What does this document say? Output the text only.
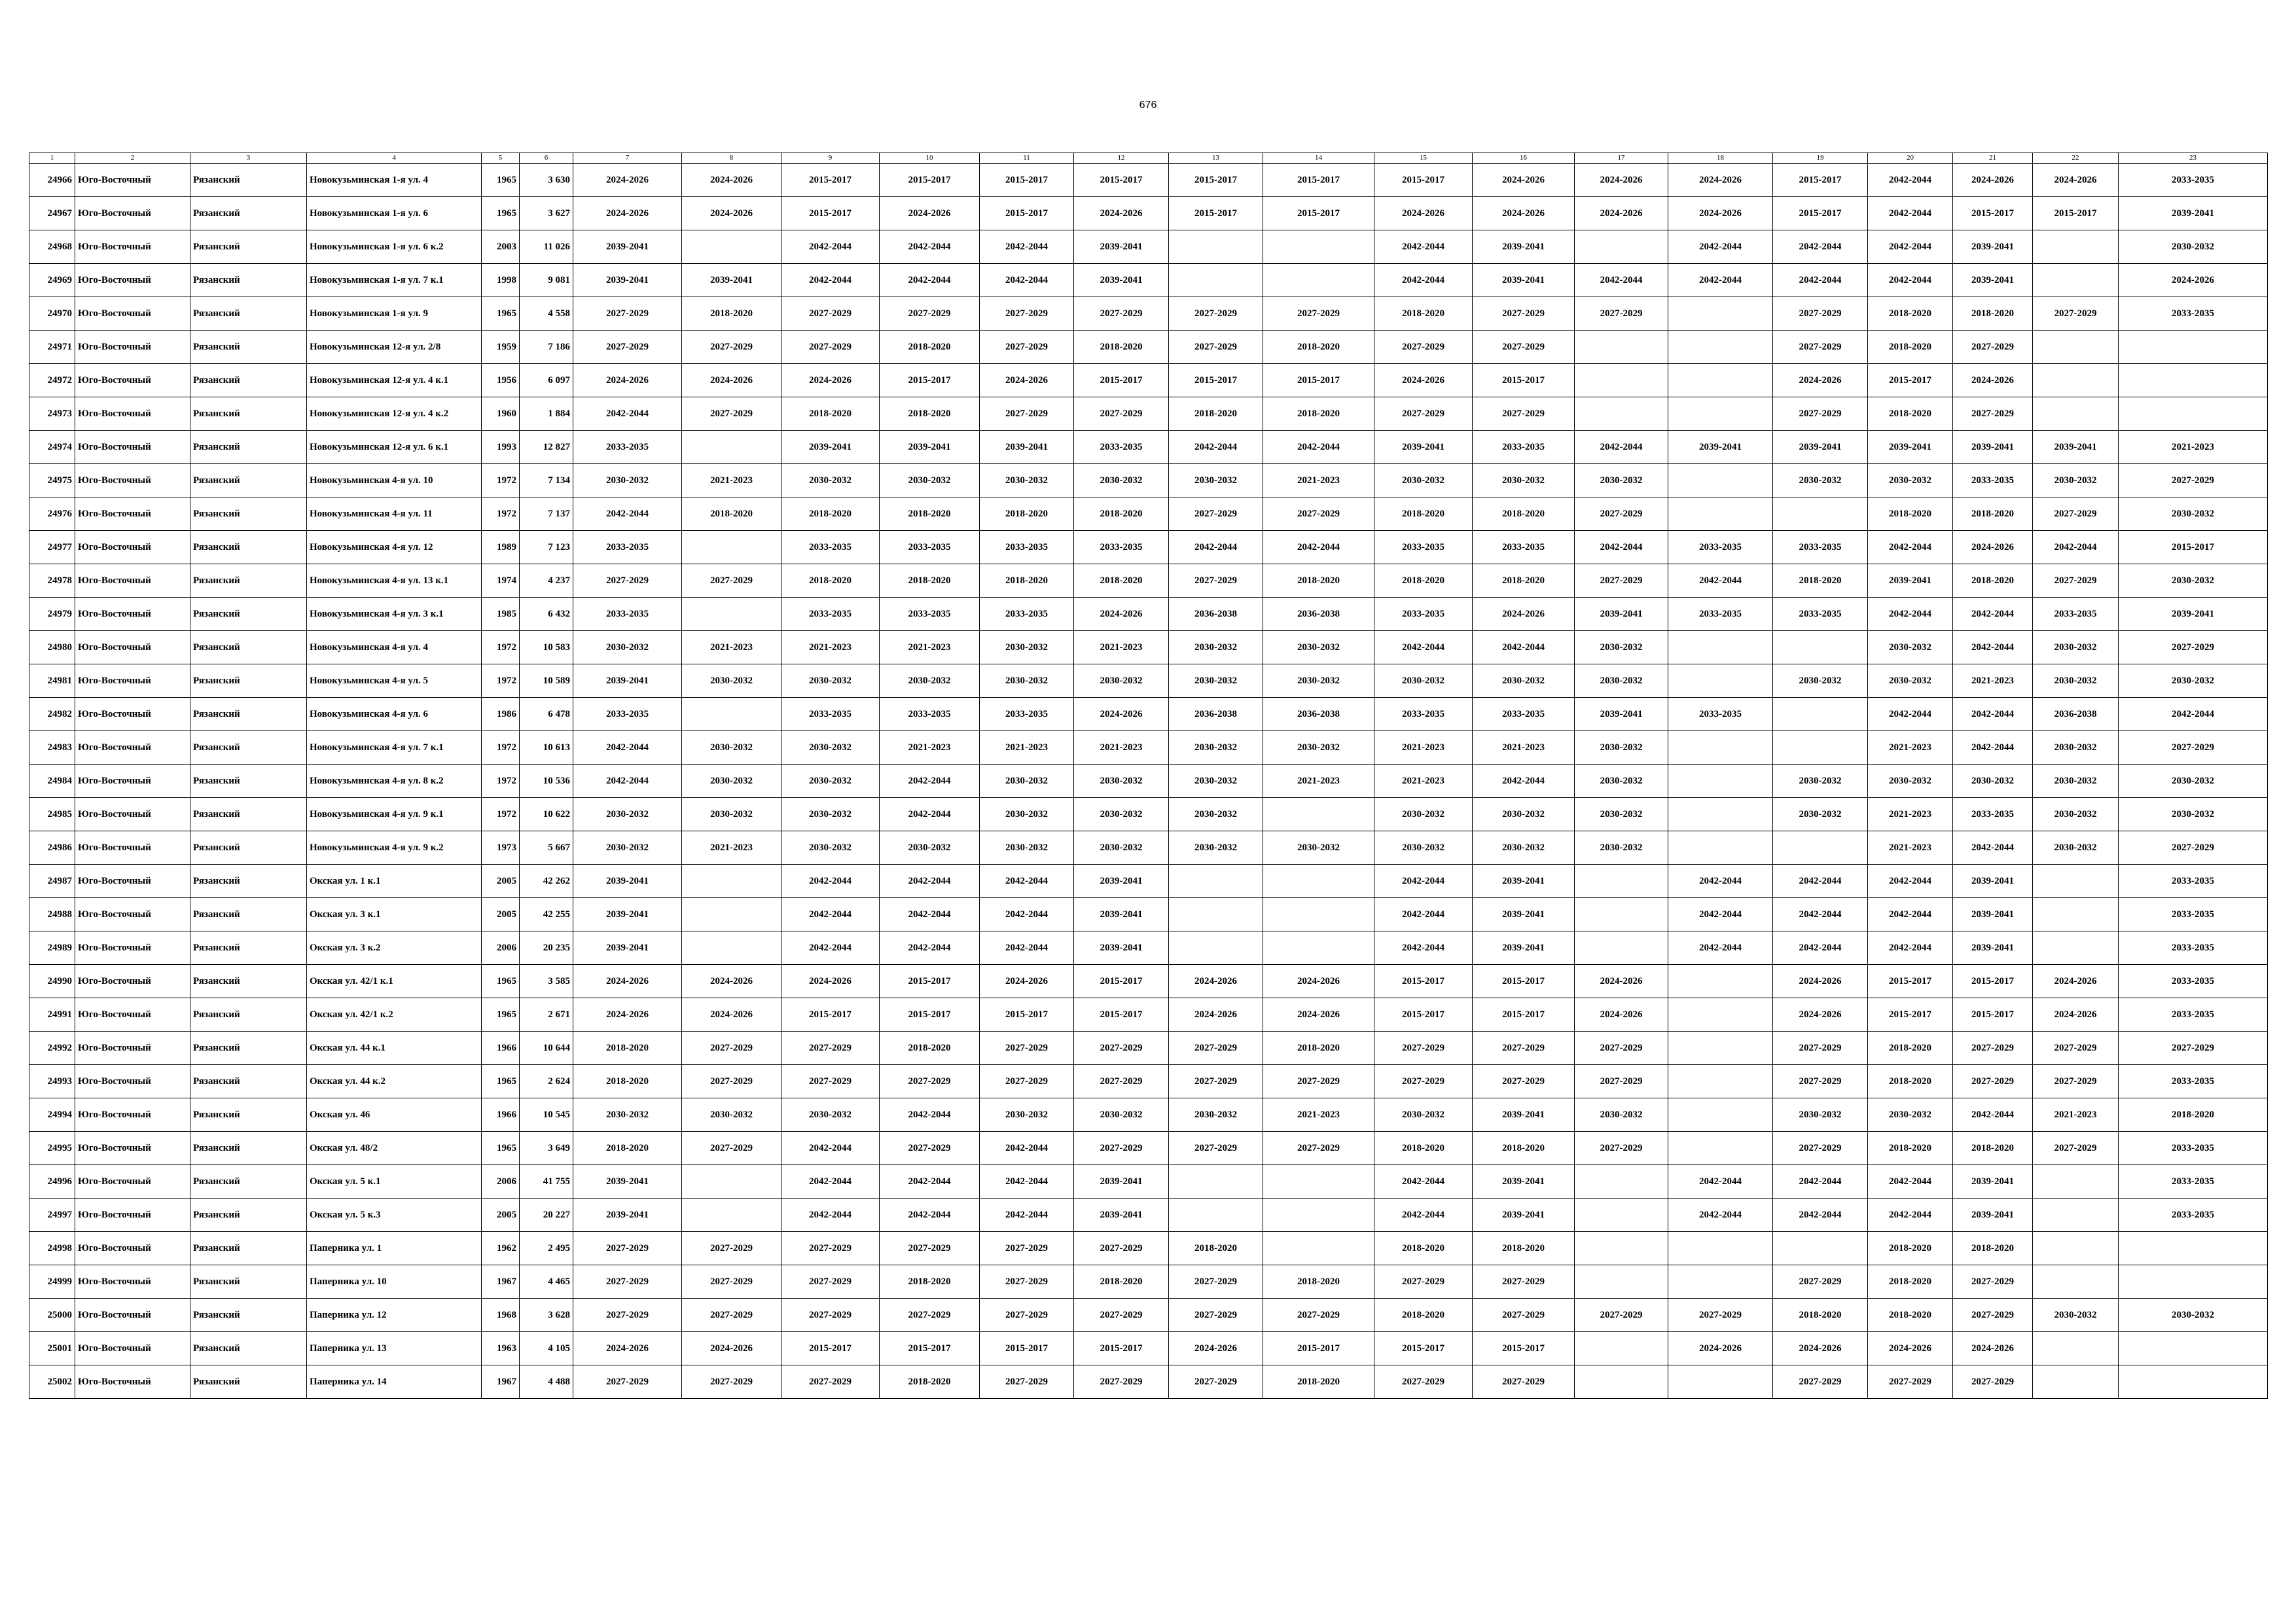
676
1	2	3	4	5	6	7	8	9	10	11	12	13	14	15	16	17	18	19	20	21	22	23
24966	Юго-Восточный	Рязанский	Новокузьминская 1-я ул. 4	1965	3 630	2024-2026	2024-2026	2015-2017	2015-2017	2015-2017	2015-2017	2015-2017	2015-2017	2015-2017	2024-2026	2024-2026	2024-2026	2015-2017	2042-2044	2024-2026	2024-2026	2033-2035
24967	Юго-Восточный	Рязанский	Новокузьминская 1-я ул. 6	1965	3 627	2024-2026	2024-2026	2015-2017	2024-2026	2015-2017	2024-2026	2015-2017	2015-2017	2024-2026	2024-2026	2024-2026	2024-2026	2015-2017	2042-2044	2015-2017	2015-2017	2039-2041
24968	Юго-Восточный	Рязанский	Новокузьминская 1-я ул. 6 к.2	2003	11 026	2039-2041		2042-2044	2042-2044	2042-2044	2039-2041			2042-2044	2039-2041		2042-2044	2042-2044	2042-2044	2039-2041		2030-2032
24969	Юго-Восточный	Рязанский	Новокузьминская 1-я ул. 7 к.1	1998	9 081	2039-2041	2039-2041	2042-2044	2042-2044	2042-2044	2039-2041			2042-2044	2039-2041	2042-2044	2042-2044	2042-2044	2042-2044	2039-2041		2024-2026
24970	Юго-Восточный	Рязанский	Новокузьминская 1-я ул. 9	1965	4 558	2027-2029	2018-2020	2027-2029	2027-2029	2027-2029	2027-2029	2027-2029	2027-2029	2018-2020	2027-2029	2027-2029		2027-2029	2018-2020	2018-2020	2027-2029	2033-2035
24971	Юго-Восточный	Рязанский	Новокузьминская 12-я ул. 2/8	1959	7 186	2027-2029	2027-2029	2027-2029	2018-2020	2027-2029	2018-2020	2027-2029	2018-2020	2027-2029	2027-2029			2027-2029	2018-2020	2027-2029		
24972	Юго-Восточный	Рязанский	Новокузьминская 12-я ул. 4 к.1	1956	6 097	2024-2026	2024-2026	2024-2026	2015-2017	2024-2026	2015-2017	2015-2017	2015-2017	2024-2026	2015-2017			2024-2026	2015-2017	2024-2026		
24973	Юго-Восточный	Рязанский	Новокузьминская 12-я ул. 4 к.2	1960	1 884	2042-2044	2027-2029	2018-2020	2018-2020	2027-2029	2027-2029	2018-2020	2018-2020	2027-2029	2027-2029			2027-2029	2018-2020	2027-2029		
24974	Юго-Восточный	Рязанский	Новокузьминская 12-я ул. 6 к.1	1993	12 827	2033-2035		2039-2041	2039-2041	2039-2041	2033-2035	2042-2044	2042-2044	2039-2041	2033-2035	2042-2044	2039-2041	2039-2041	2039-2041	2039-2041	2039-2041	2021-2023
24975	Юго-Восточный	Рязанский	Новокузьминская 4-я ул. 10	1972	7 134	2030-2032	2021-2023	2030-2032	2030-2032	2030-2032	2030-2032	2030-2032	2021-2023	2030-2032	2030-2032	2030-2032		2030-2032	2030-2032	2033-2035	2030-2032	2027-2029
24976	Юго-Восточный	Рязанский	Новокузьминская 4-я ул. 11	1972	7 137	2042-2044	2018-2020	2018-2020	2018-2020	2018-2020	2018-2020	2027-2029	2027-2029	2018-2020	2018-2020	2027-2029			2018-2020	2018-2020	2027-2029	2030-2032
24977	Юго-Восточный	Рязанский	Новокузьминская 4-я ул. 12	1989	7 123	2033-2035		2033-2035	2033-2035	2033-2035	2033-2035	2042-2044	2042-2044	2033-2035	2033-2035	2042-2044	2033-2035	2033-2035	2042-2044	2024-2026	2042-2044	2015-2017
24978	Юго-Восточный	Рязанский	Новокузьминская 4-я ул. 13 к.1	1974	4 237	2027-2029	2027-2029	2018-2020	2018-2020	2018-2020	2018-2020	2027-2029	2018-2020	2018-2020	2018-2020	2027-2029	2042-2044	2018-2020	2039-2041	2018-2020	2027-2029	2030-2032
24979	Юго-Восточный	Рязанский	Новокузьминская 4-я ул. 3 к.1	1985	6 432	2033-2035		2033-2035	2033-2035	2033-2035	2024-2026	2036-2038	2036-2038	2033-2035	2024-2026	2039-2041	2033-2035	2033-2035	2042-2044	2042-2044	2033-2035	2039-2041
24980	Юго-Восточный	Рязанский	Новокузьминская 4-я ул. 4	1972	10 583	2030-2032	2021-2023	2021-2023	2021-2023	2030-2032	2021-2023	2030-2032	2030-2032	2042-2044	2042-2044	2030-2032			2030-2032	2042-2044	2030-2032	2027-2029
24981	Юго-Восточный	Рязанский	Новокузьминская 4-я ул. 5	1972	10 589	2039-2041	2030-2032	2030-2032	2030-2032	2030-2032	2030-2032	2030-2032	2030-2032	2030-2032	2030-2032	2030-2032		2030-2032	2030-2032	2021-2023	2030-2032	2030-2032
24982	Юго-Восточный	Рязанский	Новокузьминская 4-я ул. 6	1986	6 478	2033-2035		2033-2035	2033-2035	2033-2035	2024-2026	2036-2038	2036-2038	2033-2035	2033-2035	2039-2041	2033-2035		2042-2044	2042-2044	2036-2038	2042-2044
24983	Юго-Восточный	Рязанский	Новокузьминская 4-я ул. 7 к.1	1972	10 613	2042-2044	2030-2032	2030-2032	2021-2023	2021-2023	2021-2023	2030-2032	2030-2032	2021-2023	2021-2023	2030-2032			2021-2023	2042-2044	2030-2032	2027-2029
24984	Юго-Восточный	Рязанский	Новокузьминская 4-я ул. 8 к.2	1972	10 536	2042-2044	2030-2032	2030-2032	2042-2044	2030-2032	2030-2032	2030-2032	2021-2023	2021-2023	2042-2044	2030-2032		2030-2032	2030-2032	2030-2032	2030-2032	2030-2032
24985	Юго-Восточный	Рязанский	Новокузьминская 4-я ул. 9 к.1	1972	10 622	2030-2032	2030-2032	2030-2032	2042-2044	2030-2032	2030-2032	2030-2032		2030-2032	2030-2032	2030-2032		2030-2032	2021-2023	2033-2035	2030-2032	2030-2032
24986	Юго-Восточный	Рязанский	Новокузьминская 4-я ул. 9 к.2	1973	5 667	2030-2032	2021-2023	2030-2032	2030-2032	2030-2032	2030-2032	2030-2032	2030-2032	2030-2032	2030-2032	2030-2032			2021-2023	2042-2044	2030-2032	2027-2029
24987	Юго-Восточный	Рязанский	Окская ул. 1 к.1	2005	42 262	2039-2041		2042-2044	2042-2044	2042-2044	2039-2041			2042-2044	2039-2041		2042-2044	2042-2044	2042-2044	2039-2041		2033-2035
24988	Юго-Восточный	Рязанский	Окская ул. 3 к.1	2005	42 255	2039-2041		2042-2044	2042-2044	2042-2044	2039-2041			2042-2044	2039-2041		2042-2044	2042-2044	2042-2044	2039-2041		2033-2035
24989	Юго-Восточный	Рязанский	Окская ул. 3 к.2	2006	20 235	2039-2041		2042-2044	2042-2044	2042-2044	2039-2041			2042-2044	2039-2041		2042-2044	2042-2044	2042-2044	2039-2041		2033-2035
24990	Юго-Восточный	Рязанский	Окская ул. 42/1 к.1	1965	3 585	2024-2026	2024-2026	2024-2026	2015-2017	2024-2026	2015-2017	2024-2026	2024-2026	2015-2017	2015-2017	2024-2026		2024-2026	2015-2017	2015-2017	2024-2026	2033-2035
24991	Юго-Восточный	Рязанский	Окская ул. 42/1 к.2	1965	2 671	2024-2026	2024-2026	2015-2017	2015-2017	2015-2017	2015-2017	2024-2026	2024-2026	2015-2017	2015-2017	2024-2026		2024-2026	2015-2017	2015-2017	2024-2026	2033-2035
24992	Юго-Восточный	Рязанский	Окская ул. 44 к.1	1966	10 644	2018-2020	2027-2029	2027-2029	2018-2020	2027-2029	2027-2029	2027-2029	2018-2020	2027-2029	2027-2029	2027-2029		2027-2029	2018-2020	2027-2029	2027-2029	2027-2029
24993	Юго-Восточный	Рязанский	Окская ул. 44 к.2	1965	2 624	2018-2020	2027-2029	2027-2029	2027-2029	2027-2029	2027-2029	2027-2029	2027-2029	2027-2029	2027-2029	2027-2029		2027-2029	2018-2020	2027-2029	2027-2029	2033-2035
24994	Юго-Восточный	Рязанский	Окская ул. 46	1966	10 545	2030-2032	2030-2032	2030-2032	2042-2044	2030-2032	2030-2032	2030-2032	2021-2023	2030-2032	2039-2041	2030-2032		2030-2032	2030-2032	2042-2044	2021-2023	2018-2020
24995	Юго-Восточный	Рязанский	Окская ул. 48/2	1965	3 649	2018-2020	2027-2029	2042-2044	2027-2029	2042-2044	2027-2029	2027-2029	2027-2029	2018-2020	2018-2020	2027-2029		2027-2029	2018-2020	2018-2020	2027-2029	2033-2035
24996	Юго-Восточный	Рязанский	Окская ул. 5 к.1	2006	41 755	2039-2041		2042-2044	2042-2044	2042-2044	2039-2041			2042-2044	2039-2041		2042-2044	2042-2044	2042-2044	2039-2041		2033-2035
24997	Юго-Восточный	Рязанский	Окская ул. 5 к.3	2005	20 227	2039-2041		2042-2044	2042-2044	2042-2044	2039-2041			2042-2044	2039-2041		2042-2044	2042-2044	2042-2044	2039-2041		2033-2035
24998	Юго-Восточный	Рязанский	Паперника ул. 1	1962	2 495	2027-2029	2027-2029	2027-2029	2027-2029	2027-2029	2027-2029	2018-2020		2018-2020	2018-2020				2018-2020	2018-2020		
24999	Юго-Восточный	Рязанский	Паперника ул. 10	1967	4 465	2027-2029	2027-2029	2027-2029	2018-2020	2027-2029	2018-2020	2027-2029	2018-2020	2027-2029	2027-2029			2027-2029	2018-2020	2027-2029		
25000	Юго-Восточный	Рязанский	Паперника ул. 12	1968	3 628	2027-2029	2027-2029	2027-2029	2027-2029	2027-2029	2027-2029	2027-2029	2027-2029	2018-2020	2027-2029	2027-2029	2027-2029	2018-2020	2018-2020	2027-2029	2030-2032	2030-2032
25001	Юго-Восточный	Рязанский	Паперника ул. 13	1963	4 105	2024-2026	2024-2026	2015-2017	2015-2017	2015-2017	2015-2017	2024-2026	2015-2017	2015-2017	2015-2017		2024-2026	2024-2026	2024-2026	2024-2026		
25002	Юго-Восточный	Рязанский	Паперника ул. 14	1967	4 488	2027-2029	2027-2029	2027-2029	2018-2020	2027-2029	2027-2029	2027-2029	2018-2020	2027-2029	2027-2029			2027-2029	2027-2029	2027-2029		
